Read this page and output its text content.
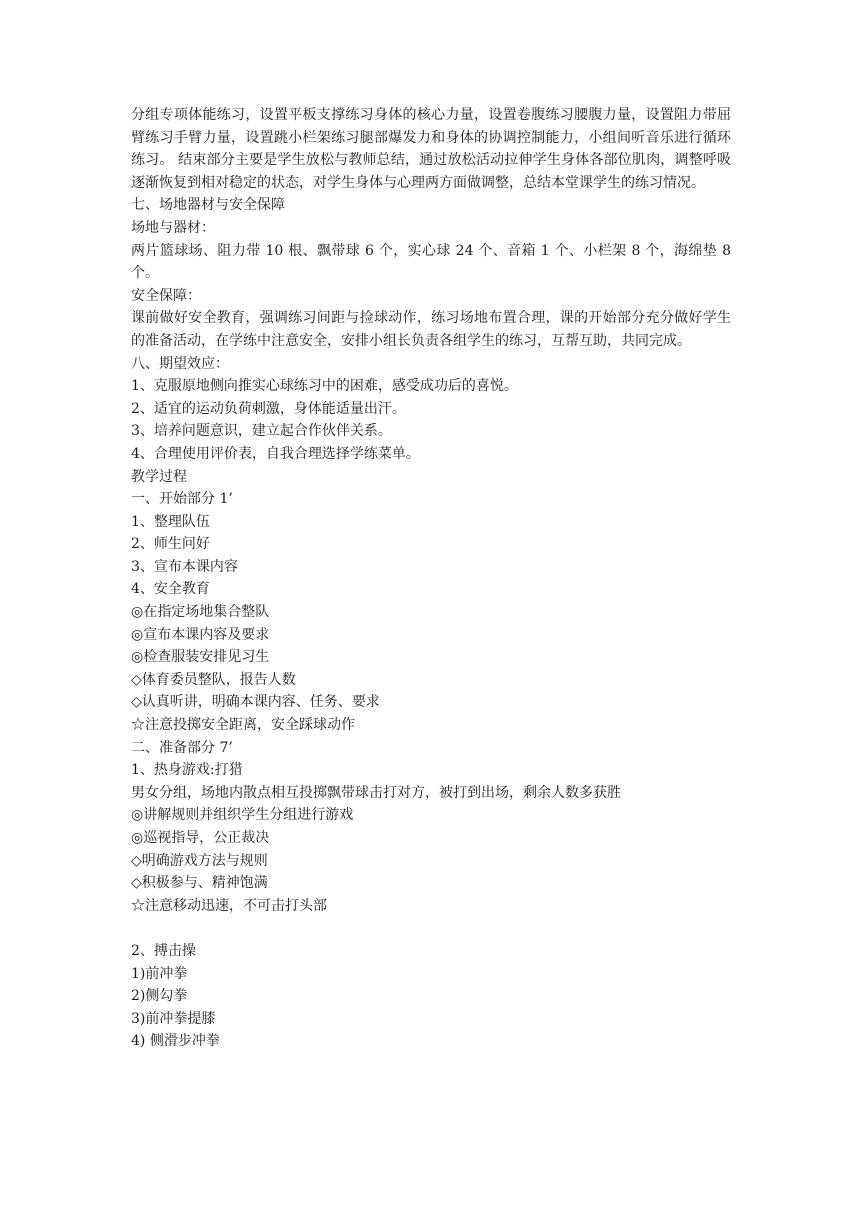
分组专项体能练习，设置平板支撑练习身体的核心力量，设置卷腹练习腰腹力量，设置阻力带屈臂练习手臂力量，设置跳小栏架练习腿部爆发力和身体的协调控制能力，小组间听音乐进行循环练习。 结束部分主要是学生放松与教师总结，通过放松活动拉伸学生身体各部位肌肉，调整呼吸逐渐恢复到相对稳定的状态，对学生身体与心理两方面做调整，总结本堂课学生的练习情况。

七、场地器材与安全保障

场地与器材：

两片篮球场、阻力带 10 根、飘带球 6 个，实心球 24 个、音箱 1 个、小栏架 8 个，海绵垫 8 个。

安全保障：

课前做好安全教育，强调练习间距与捡球动作，练习场地布置合理，课的开始部分充分做好学生的准备活动，在学练中注意安全，安排小组长负责各组学生的练习，互帮互助，共同完成。

八、期望效应：

1、克服原地侧向推实心球练习中的困难，感受成功后的喜悦。

2、适宜的运动负荷刺激，身体能适量出汗。

3、培养问题意识，建立起合作伙伴关系。

4、合理使用评价表，自我合理选择学练菜单。

教学过程

一、开始部分 1’

1、整理队伍

2、师生问好

3、宣布本课内容

4、安全教育

◎在指定场地集合整队

◎宣布本课内容及要求

◎检查服装安排见习生

◇体育委员整队，报告人数

◇认真听讲，明确本课内容、任务、要求

☆注意投掷安全距离，安全踩球动作

二、准备部分 7’

1、热身游戏:打猎

男女分组，场地内散点相互投掷飘带球击打对方，被打到出场，剩余人数多获胜

◎讲解规则并组织学生分组进行游戏

◎巡视指导，公正裁决

◇明确游戏方法与规则

◇积极参与、精神饱满

☆注意移动迅速，不可击打头部

2、搏击操

1)前冲拳

2)侧勾拳

3)前冲拳提膝

4) 侧滑步冲拳
